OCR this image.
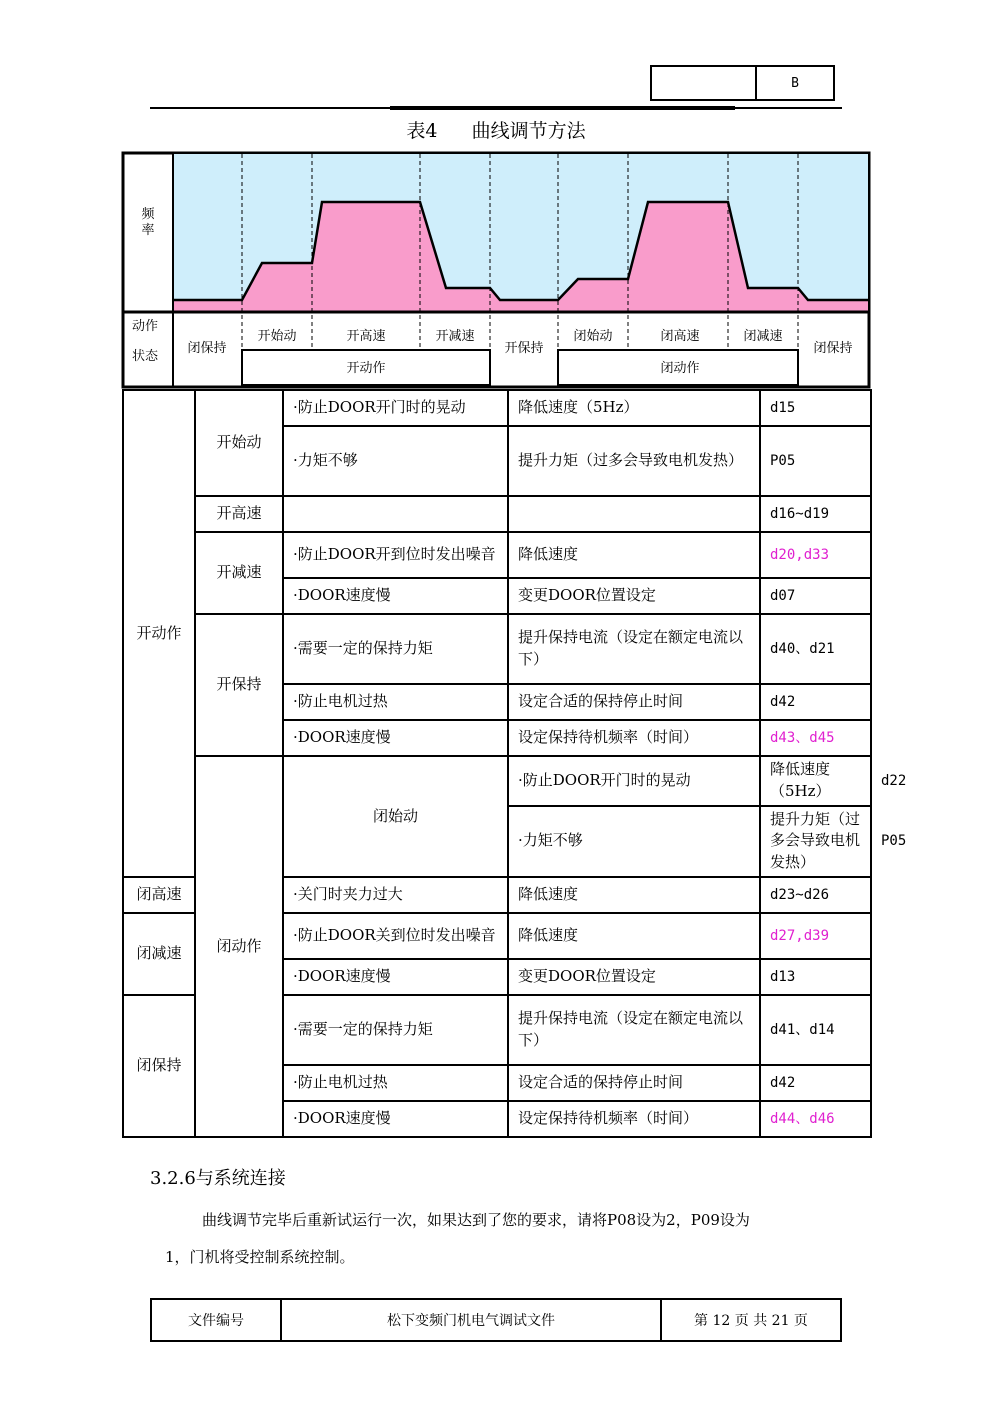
B
表4 曲线调节方法
频
率
动作
状态
闭保持
开始动	开高速	开减速
开保持
闭始动	闭高速	闭减速
闭保持
开动作	闭动作
开动作	开始动	·防止DOOR开门时的晃动	降低速度（5Hz）	d15	
		·力矩不够	提升力矩（过多会导致电机发热）	P05	
	开高速			d16~d19	
	开减速	·防止DOOR开到位时发出噪音	降低速度	d20,d33	
		·DOOR速度慢	变更DOOR位置设定	d07	
	开保持	·需要一定的保持力矩	提升保持电流（设定在额定电流以下）	d40、d21	
		·防止电机过热	设定合适的保持停止时间	d42	
		·DOOR速度慢	设定保持待机频率（时间）	d43、d45	
	闭动作	闭始动	·防止DOOR开门时的晃动	降低速度（5Hz）	d22
			·力矩不够	提升力矩（过多会导致电机发热）	P05
闭高速		·关门时夹力过大	降低速度	d23~d26	
闭减速		·防止DOOR关到位时发出噪音	降低速度	d27,d39	
		·DOOR速度慢	变更DOOR位置设定	d13	
闭保持		·需要一定的保持力矩	提升保持电流（设定在额定电流以下）	d41、d14	
		·防止电机过热	设定合适的保持停止时间	d42	
		·DOOR速度慢	设定保持待机频率（时间）	d44、d46	
3.2.6与系统连接
曲线调节完毕后重新试运行一次，如果达到了您的要求，请将P08设为2，P09设为
1，门机将受控制系统控制。
文件编号	松下变频门机电气调试文件	第 12 页 共 21 页
